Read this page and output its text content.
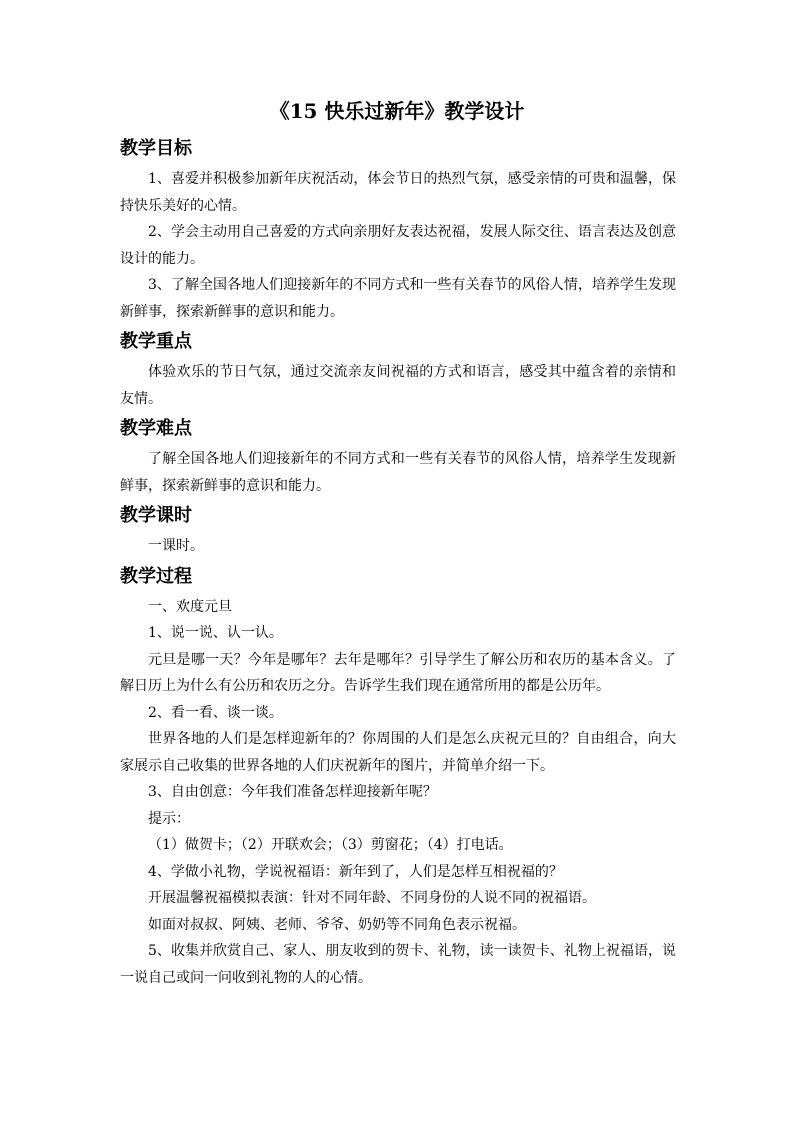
《15 快乐过新年》教学设计
教学目标

1、喜爱并积极参加新年庆祝活动，体会节日的热烈气氛，感受亲情的可贵和温馨，保持快乐美好的心情。

2、学会主动用自己喜爱的方式向亲朋好友表达祝福，发展人际交往、语言表达及创意设计的能力。

3、了解全国各地人们迎接新年的不同方式和一些有关春节的风俗人情，培养学生发现新鲜事，探索新鲜事的意识和能力。

教学重点

体验欢乐的节日气氛，通过交流亲友间祝福的方式和语言，感受其中蕴含着的亲情和友情。

教学难点

了解全国各地人们迎接新年的不同方式和一些有关春节的风俗人情，培养学生发现新鲜事，探索新鲜事的意识和能力。

教学课时

一课时。

教学过程

一、欢度元旦

1、说一说、认一认。

元旦是哪一天？今年是哪年？去年是哪年？引导学生了解公历和农历的基本含义。了解日历上为什么有公历和农历之分。告诉学生我们现在通常所用的都是公历年。

2、看一看、谈一谈。

世界各地的人们是怎样迎新年的？你周围的人们是怎么庆祝元旦的？自由组合，向大家展示自己收集的世界各地的人们庆祝新年的图片，并简单介绍一下。

3、自由创意：今年我们准备怎样迎接新年呢？

提示：

（1）做贺卡；（2）开联欢会；（3）剪窗花；（4）打电话。

4、学做小礼物，学说祝福语：新年到了，人们是怎样互相祝福的？

开展温馨祝福模拟表演：针对不同年龄、不同身份的人说不同的祝福语。

如面对叔叔、阿姨、老师、爷爷、奶奶等不同角色表示祝福。

5、收集并欣赏自己、家人、朋友收到的贺卡、礼物，读一读贺卡、礼物上祝福语，说一说自己或问一问收到礼物的人的心情。
